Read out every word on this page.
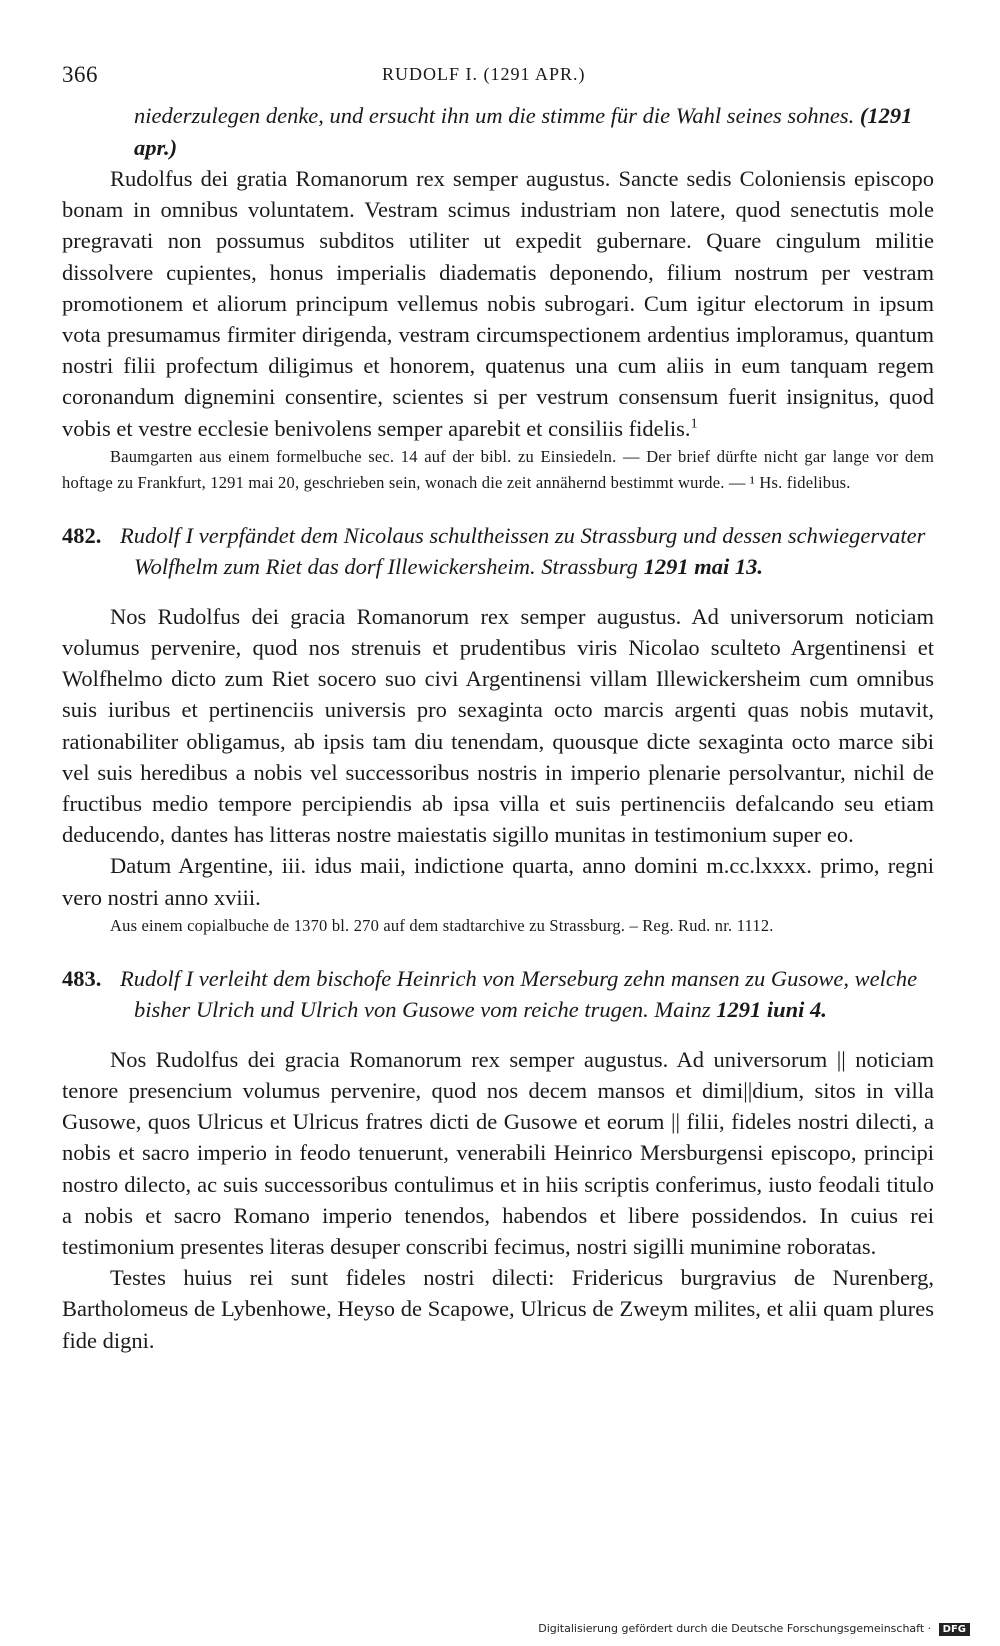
366	RUDOLF I. (1291 APR.)

niederzulegen denke, und ersucht ihn um die stimme für die Wahl seines sohnes. (1291 apr.)

Rudolfus dei gratia Romanorum rex semper augustus. Sancte sedis Coloniensis episcopo bonam in omnibus voluntatem. Vestram scimus industriam non latere, quod senectutis mole pregravati non possumus subditos utiliter ut expedit gubernare. Quare cingulum militie dissolvere cupientes, honus imperialis diadematis deponendo, filium nostrum per vestram promotionem et aliorum principum vellemus nobis subrogari. Cum igitur electorum in ipsum vota presumamus firmiter dirigenda, vestram circumspectionem ardentius imploramus, quantum nostri filii profectum diligimus et honorem, quatenus una cum aliis in eum tanquam regem coronandum dignemini consentire, scientes si per vestrum consensum fuerit insignitus, quod vobis et vestre ecclesie benivolens semper aparebit et consiliis fidelis.$^1$

Baumgarten aus einem formelbuche sec. 14 auf der bibl. zu Einsiedeln. — Der brief dürfte nicht gar lange vor dem hoftage zu Frankfurt, 1291 mai 20, geschrieben sein, wonach die zeit annähernd bestimmt wurde. — ¹ Hs. fidelibus.

482. Rudolf I verpfändet dem Nicolaus schultheissen zu Strassburg und dessen schwiegervater Wolfhelm zum Riet das dorf Illewickersheim. Strassburg 1291 mai 13.

Nos Rudolfus dei gracia Romanorum rex semper augustus. Ad universorum noticiam volumus pervenire, quod nos strenuis et prudentibus viris Nicolao sculteto Argentinensi et Wolfhelmo dicto zum Riet socero suo civi Argentinensi villam Illewickersheim cum omnibus suis iuribus et pertinenciis universis pro sexaginta octo marcis argenti quas nobis mutavit, rationabiliter obligamus, ab ipsis tam diu tenendam, quousque dicte sexaginta octo marce sibi vel suis heredibus a nobis vel successoribus nostris in imperio plenarie persolvantur, nichil de fructibus medio tempore percipiendis ab ipsa villa et suis pertinenciis defalcando seu etiam deducendo, dantes has litteras nostre maiestatis sigillo munitas in testimonium super eo.

Datum Argentine, iii. idus maii, indictione quarta, anno domini m.cc.lxxxx. primo, regni vero nostri anno xviii.

Aus einem copialbuche de 1370 bl. 270 auf dem stadtarchive zu Strassburg. – Reg. Rud. nr. 1112.

483. Rudolf I verleiht dem bischofe Heinrich von Merseburg zehn mansen zu Gusowe, welche bisher Ulrich und Ulrich von Gusowe vom reiche trugen. Mainz 1291 iuni 4.

Nos Rudolfus dei gracia Romanorum rex semper augustus. Ad universorum || noticiam tenore presencium volumus pervenire, quod nos decem mansos et dimi||dium, sitos in villa Gusowe, quos Ulricus et Ulricus fratres dicti de Gusowe et eorum || filii, fideles nostri dilecti, a nobis et sacro imperio in feodo tenuerunt, venerabili Heinrico Mersburgensi episcopo, principi nostro dilecto, ac suis successoribus contulimus et in hiis scriptis conferimus, iusto feodali titulo a nobis et sacro Romano imperio tenendos, habendos et libere possidendos. In cuius rei testimonium presentes literas desuper conscribi fecimus, nostri sigilli munimine roboratas.

Testes huius rei sunt fideles nostri dilecti: Fridericus burgravius de Nurenberg, Bartholomeus de Lybenhowe, Heyso de Scapowe, Ulricus de Zweym milites, et alii quam plures fide digni.

Digitalisierung gefördert durch die Deutsche Forschungsgemeinschaft · DFG
